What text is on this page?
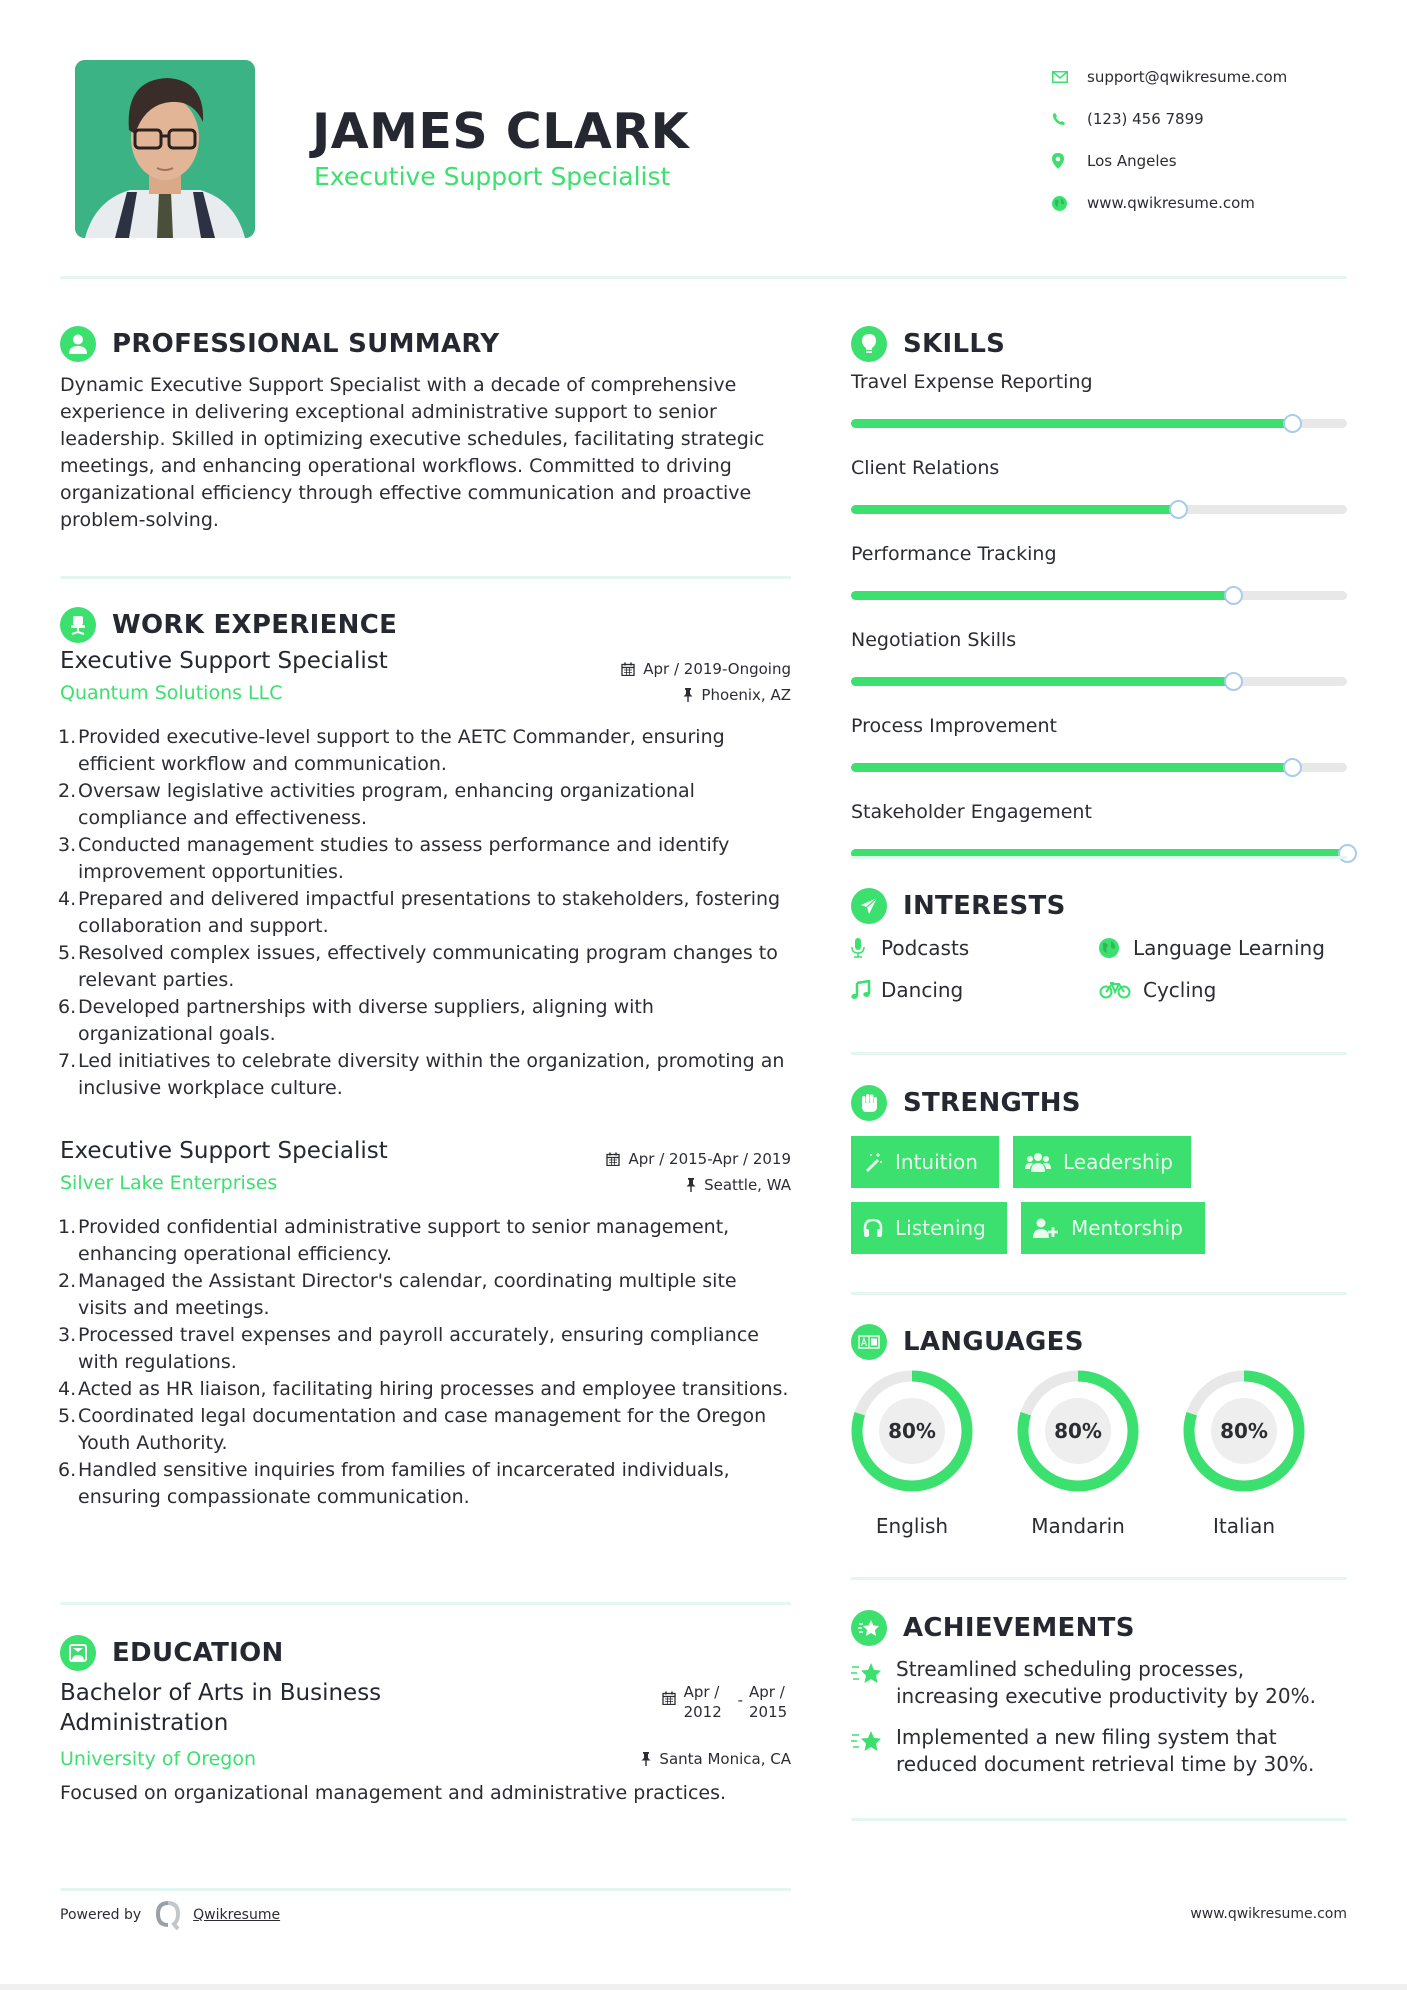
JAMES CLARK
Executive Support Specialist
support@qwikresume.com
(123) 456 7899
Los Angeles
www.qwikresume.com
PROFESSIONAL SUMMARY
Dynamic Executive Support Specialist with a decade of comprehensive experience in delivering exceptional administrative support to senior leadership. Skilled in optimizing executive schedules, facilitating strategic meetings, and enhancing operational workflows. Committed to driving organizational efficiency through effective communication and proactive problem-solving.
WORK EXPERIENCE
Executive Support Specialist	Apr / 2019-Ongoing
Quantum Solutions LLC	Phoenix, AZ
1. Provided executive-level support to the AETC Commander, ensuring efficient workflow and communication.
2. Oversaw legislative activities program, enhancing organizational compliance and effectiveness.
3. Conducted management studies to assess performance and identify improvement opportunities.
4. Prepared and delivered impactful presentations to stakeholders, fostering collaboration and support.
5. Resolved complex issues, effectively communicating program changes to relevant parties.
6. Developed partnerships with diverse suppliers, aligning with organizational goals.
7. Led initiatives to celebrate diversity within the organization, promoting an inclusive workplace culture.
Executive Support Specialist	Apr / 2015-Apr / 2019
Silver Lake Enterprises	Seattle, WA
1. Provided confidential administrative support to senior management, enhancing operational efficiency.
2. Managed the Assistant Director's calendar, coordinating multiple site visits and meetings.
3. Processed travel expenses and payroll accurately, ensuring compliance with regulations.
4. Acted as HR liaison, facilitating hiring processes and employee transitions.
5. Coordinated legal documentation and case management for the Oregon Youth Authority.
6. Handled sensitive inquiries from families of incarcerated individuals, ensuring compassionate communication.
EDUCATION
Bachelor of Arts in Business Administration
Apr / 2012
- Apr / 2015
University of Oregon	Santa Monica, CA
Focused on organizational management and administrative practices.
SKILLS
Travel Expense Reporting
Client Relations
Performance Tracking
Negotiation Skills
Process Improvement
Stakeholder Engagement
INTERESTS
Podcasts	Language Learning
Dancing	Cycling
STRENGTHS
Intuition	Leadership
Listening	Mentorship
LANGUAGES
80%
English
80%
Mandarin
80%
Italian
ACHIEVEMENTS
Streamlined scheduling processes, increasing executive productivity by 20%.
Implemented a new filing system that reduced document retrieval time by 30%.
Powered by	Qwikresume	www.qwikresume.com
